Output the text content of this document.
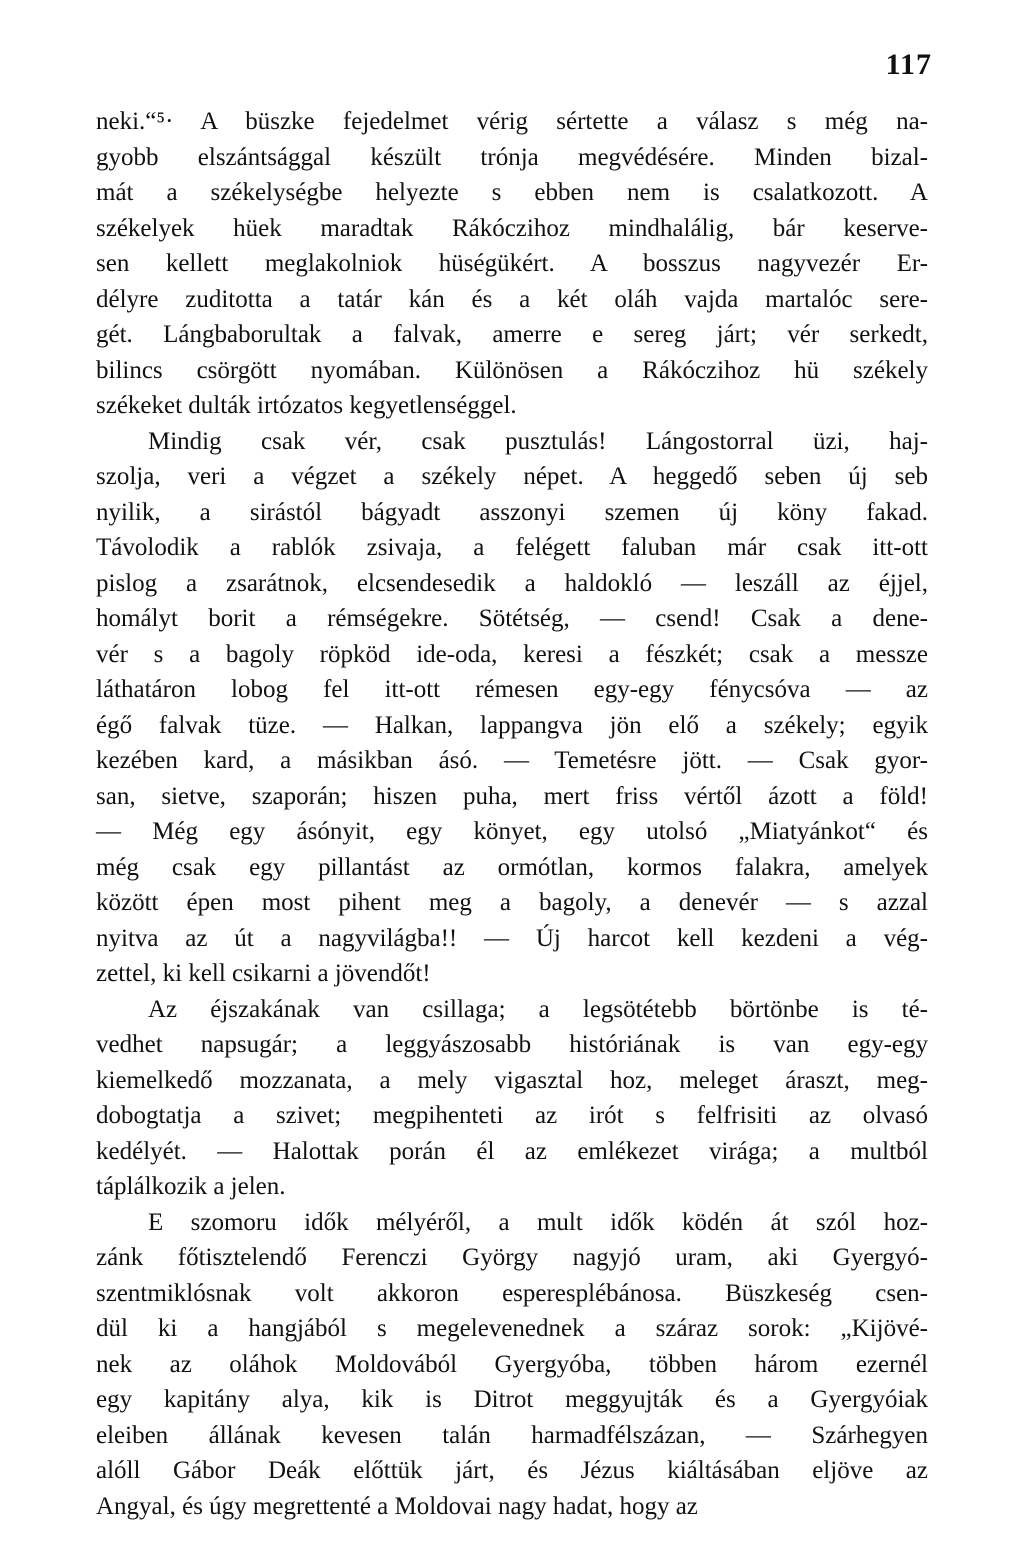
117

neki.“⁵· A büszke fejedelmet vérig sértette a válasz s még na-
gyobb elszántsággal készült trónja megvédésére. Minden bizal-
mát a székelységbe helyezte s ebben nem is csalatkozott. A
székelyek hüek maradtak Rákóczihoz mindhalálig, bár keserve-
sen kellett meglakolniok hüségükért. A bosszus nagyvezér Er-
délyre zuditotta a tatár kán és a két oláh vajda martalóc sere-
gét. Lángbaborultak a falvak, amerre e sereg járt; vér serkedt,
bilincs csörgött nyomában. Különösen a Rákóczihoz hü székely
székeket dulták irtózatos kegyetlenséggel.

Mindig csak vér, csak pusztulás! Lángostorral üzi, haj-
szolja, veri a végzet a székely népet. A heggedő seben új seb
nyilik, a sirástól bágyadt asszonyi szemen új köny fakad.
Távolodik a rablók zsivaja, a felégett faluban már csak itt-ott
pislog a zsarátnok, elcsendesedik a haldokló — leszáll az éjjel,
homályt borit a rémségekre. Sötétség, — csend! Csak a dene-
vér s a bagoly röpköd ide-oda, keresi a fészkét; csak a messze
láthatáron lobog fel itt-ott rémesen egy-egy fénycsóva — az
égő falvak tüze. — Halkan, lappangva jön elő a székely; egyik
kezében kard, a másikban ásó. — Temetésre jött. — Csak gyor-
san, sietve, szaporán; hiszen puha, mert friss vértől ázott a föld!
— Még egy ásónyit, egy könyet, egy utolsó „Miatyánkot“ és
még csak egy pillantást az ormótlan, kormos falakra, amelyek
között épen most pihent meg a bagoly, a denevér — s azzal
nyitva az út a nagyvilágba!! — Új harcot kell kezdeni a vég-
zettel, ki kell csikarni a jövendőt!

Az éjszakának van csillaga; a legsötétebb börtönbe is té-
vedhet napsugár; a leggyászosabb históriának is van egy-egy
kiemelkedő mozzanata, a mely vigasztal hoz, meleget áraszt, meg-
dobogtatja a szivet; megpihenteti az irót s felfrisiti az olvasó
kedélyét. — Halottak porán él az emlékezet virága; a multból
táplálkozik a jelen.

E szomoru idők mélyéről, a mult idők ködén át szól hoz-
zánk főtisztelendő Ferenczi György nagyjó uram, aki Gyergyó-
szentmiklósnak volt akkoron esperesplébánosa. Büszkeség csen-
dül ki a hangjából s megelevenednek a száraz sorok: „Kijövé-
nek az oláhok Moldovából Gyergyóba, többen három ezernél
egy kapitány alya, kik is Ditrot meggyujták és a Gyergyóiak
eleiben állának kevesen talán harmadfélszázan, — Szárhegyen
alóll Gábor Deák előttük járt, és Jézus kiáltásában eljöve az
Angyal, és úgy megrettenté a Moldovai nagy hadat, hogy az
